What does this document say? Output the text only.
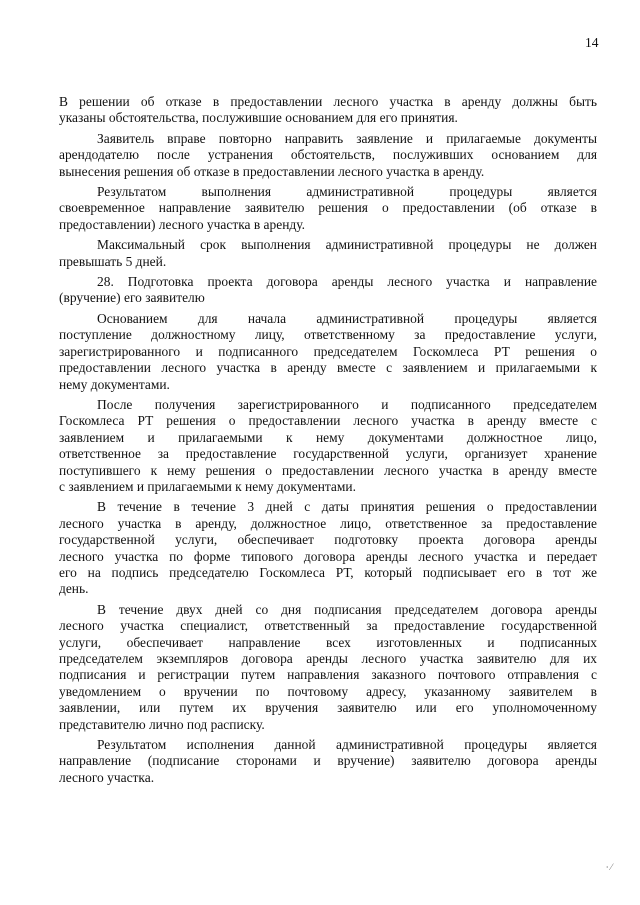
14
В решении об отказе в предоставлении лесного участка в аренду должны быть
указаны обстоятельства, послужившие основанием для его принятия.
Заявитель вправе повторно направить заявление и прилагаемые документы
арендодателю после устранения обстоятельств, послуживших основанием для
вынесения решения об отказе в предоставлении лесного участка в аренду.
Результатом выполнения административной процедуры является
своевременное направление заявителю решения о предоставлении (об отказе в
предоставлении) лесного участка в аренду.
Максимальный срок выполнения административной процедуры не должен
превышать 5 дней.
28. Подготовка проекта договора аренды лесного участка и направление
(вручение) его заявителю
Основанием для начала административной процедуры является
поступление должностному лицу, ответственному за предоставление услуги,
зарегистрированного и подписанного председателем Госкомлеса РТ решения о
предоставлении лесного участка в аренду вместе с заявлением и прилагаемыми к
нему документами.
После получения зарегистрированного и подписанного председателем
Госкомлеса РТ решения о предоставлении лесного участка в аренду вместе с
заявлением и прилагаемыми к нему документами должностное лицо,
ответственное за предоставление государственной услуги, организует хранение
поступившего к нему решения о предоставлении лесного участка в аренду вместе
с заявлением и прилагаемыми к нему документами.
В течение в течение 3 дней с даты принятия решения о предоставлении
лесного участка в аренду, должностное лицо, ответственное за предоставление
государственной услуги, обеспечивает подготовку проекта договора аренды
лесного участка по форме типового договора аренды лесного участка и передает
его на подпись председателю Госкомлеса РТ, который подписывает его в тот же
день.
В течение двух дней со дня подписания председателем договора аренды
лесного участка специалист, ответственный за предоставление государственной
услуги, обеспечивает направление всех изготовленных и подписанных
председателем экземпляров договора аренды лесного участка заявителю для их
подписания и регистрации путем направления заказного почтового отправления с
уведомлением о вручении по почтовому адресу, указанному заявителем в
заявлении, или путем их вручения заявителю или его уполномоченному
представителю лично под расписку.
Результатом исполнения данной административной процедуры является
направление (подписание сторонами и вручение) заявителю договора аренды
лесного участка.
⸱ ⁄
